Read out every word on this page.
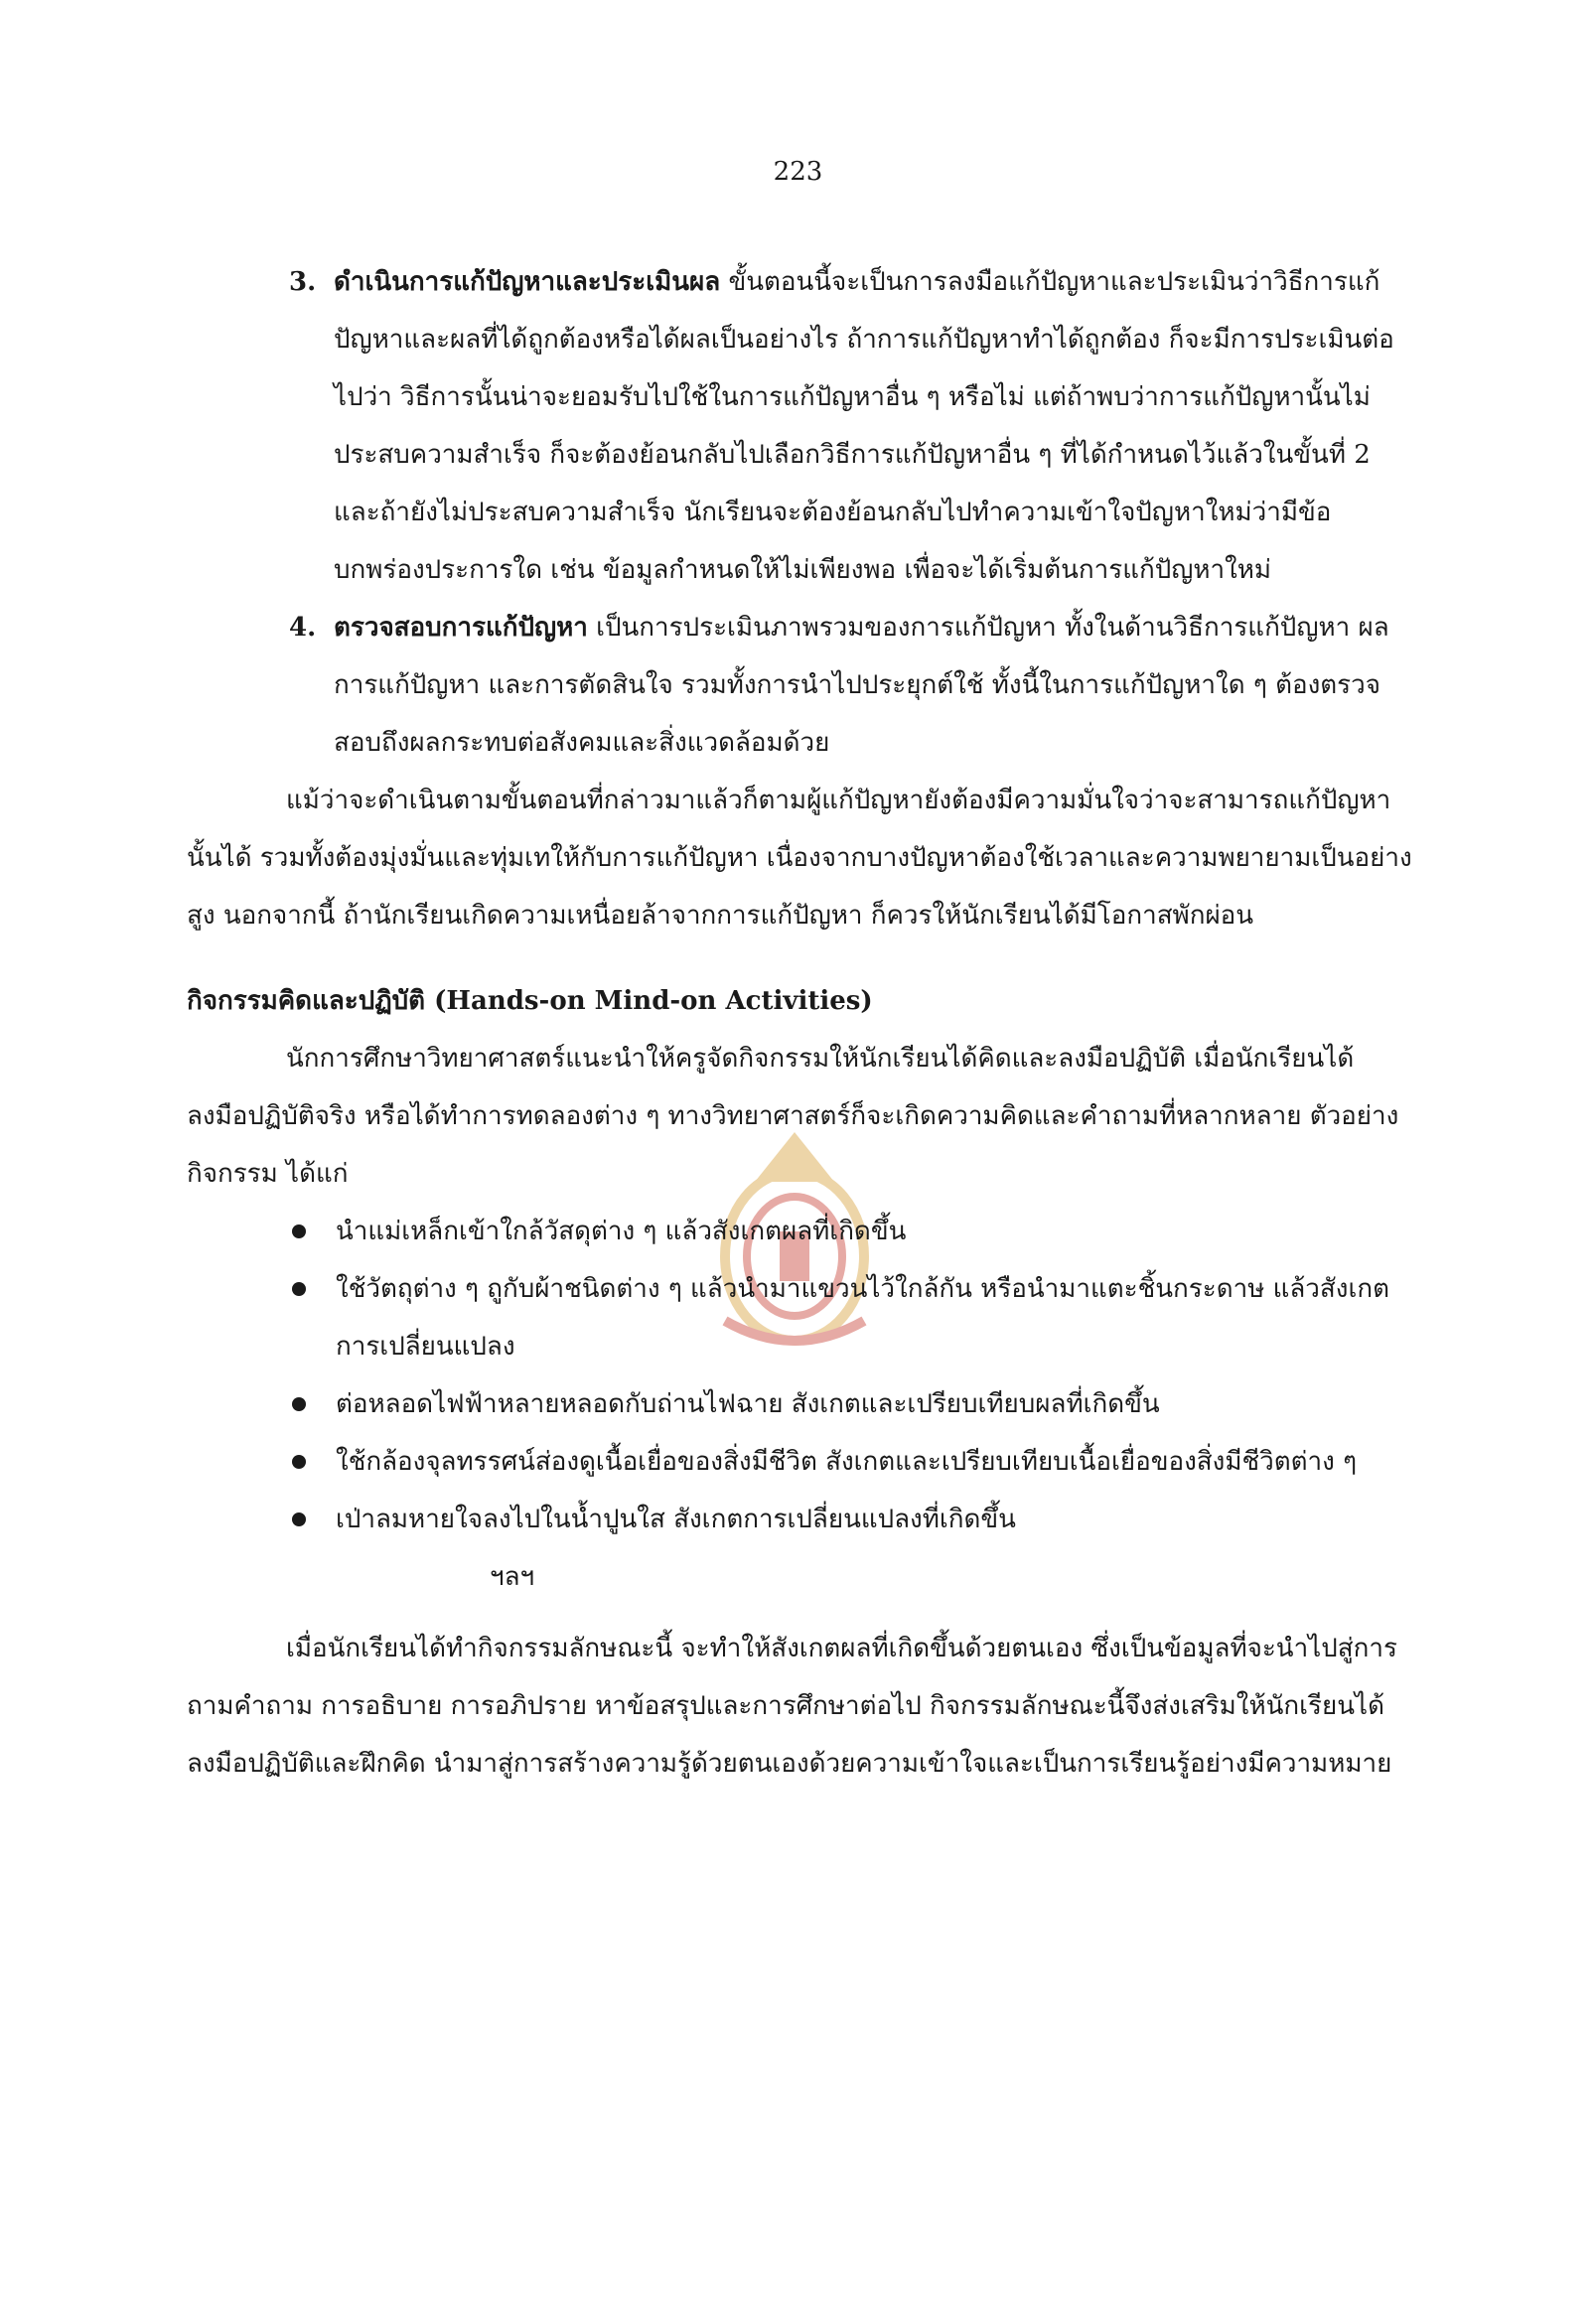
223
3. ดำเนินการแก้ปัญหาและประเมินผล ขั้นตอนนี้จะเป็นการลงมือแก้ปัญหาและประเมินว่าวิธีการแก้ปัญหาและผลที่ได้ถูกต้องหรือได้ผลเป็นอย่างไร ถ้าการแก้ปัญหาทำได้ถูกต้อง ก็จะมีการประเมินต่อไปว่า วิธีการนั้นน่าจะยอมรับไปใช้ในการแก้ปัญหาอื่น ๆ หรือไม่ แต่ถ้าพบว่าการแก้ปัญหานั้นไม่ประสบความสำเร็จ ก็จะต้องย้อนกลับไปเลือกวิธีการแก้ปัญหาอื่น ๆ ที่ได้กำหนดไว้แล้วในขั้นที่ 2 และถ้ายังไม่ประสบความสำเร็จ นักเรียนจะต้องย้อนกลับไปทำความเข้าใจปัญหาใหม่ว่ามีข้อบกพร่องประการใด เช่น ข้อมูลกำหนดให้ไม่เพียงพอ เพื่อจะได้เริ่มต้นการแก้ปัญหาใหม่
4. ตรวจสอบการแก้ปัญหา เป็นการประเมินภาพรวมของการแก้ปัญหา ทั้งในด้านวิธีการแก้ปัญหา ผลการแก้ปัญหา และการตัดสินใจ รวมทั้งการนำไปประยุกต์ใช้ ทั้งนี้ในการแก้ปัญหาใด ๆ ต้องตรวจสอบถึงผลกระทบต่อสังคมและสิ่งแวดล้อมด้วย

แม้ว่าจะดำเนินตามขั้นตอนที่กล่าวมาแล้วก็ตามผู้แก้ปัญหายังต้องมีความมั่นใจว่าจะสามารถแก้ปัญหานั้นได้ รวมทั้งต้องมุ่งมั่นและทุ่มเทให้กับการแก้ปัญหา เนื่องจากบางปัญหาต้องใช้เวลาและความพยายามเป็นอย่างสูง นอกจากนี้ ถ้านักเรียนเกิดความเหนื่อยล้าจากการแก้ปัญหา ก็ควรให้นักเรียนได้มีโอกาสพักผ่อน

กิจกรรมคิดและปฏิบัติ (Hands-on Mind-on Activities)

นักการศึกษาวิทยาศาสตร์แนะนำให้ครูจัดกิจกรรมให้นักเรียนได้คิดและลงมือปฏิบัติ เมื่อนักเรียนได้ลงมือปฏิบัติจริง หรือได้ทำการทดลองต่าง ๆ ทางวิทยาศาสตร์ก็จะเกิดความคิดและคำถามที่หลากหลาย ตัวอย่างกิจกรรม ได้แก่

นำแม่เหล็กเข้าใกล้วัสดุต่าง ๆ แล้วสังเกตผลที่เกิดขึ้น
ใช้วัตถุต่าง ๆ ถูกับผ้าชนิดต่าง ๆ แล้วนำมาแขวนไว้ใกล้กัน หรือนำมาแตะชิ้นกระดาษ แล้วสังเกตการเปลี่ยนแปลง
ต่อหลอดไฟฟ้าหลายหลอดกับถ่านไฟฉาย สังเกตและเปรียบเทียบผลที่เกิดขึ้น
ใช้กล้องจุลทรรศน์ส่องดูเนื้อเยื่อของสิ่งมีชีวิต สังเกตและเปรียบเทียบเนื้อเยื่อของสิ่งมีชีวิตต่าง ๆ
เป่าลมหายใจลงไปในน้ำปูนใส สังเกตการเปลี่ยนแปลงที่เกิดขึ้น
ฯลฯ

เมื่อนักเรียนได้ทำกิจกรรมลักษณะนี้ จะทำให้สังเกตผลที่เกิดขึ้นด้วยตนเอง ซึ่งเป็นข้อมูลที่จะนำไปสู่การถามคำถาม การอธิบาย การอภิปราย หาข้อสรุปและการศึกษาต่อไป กิจกรรมลักษณะนี้จึงส่งเสริมให้นักเรียนได้ลงมือปฏิบัติและฝึกคิด นำมาสู่การสร้างความรู้ด้วยตนเองด้วยความเข้าใจและเป็นการเรียนรู้อย่างมีความหมาย
